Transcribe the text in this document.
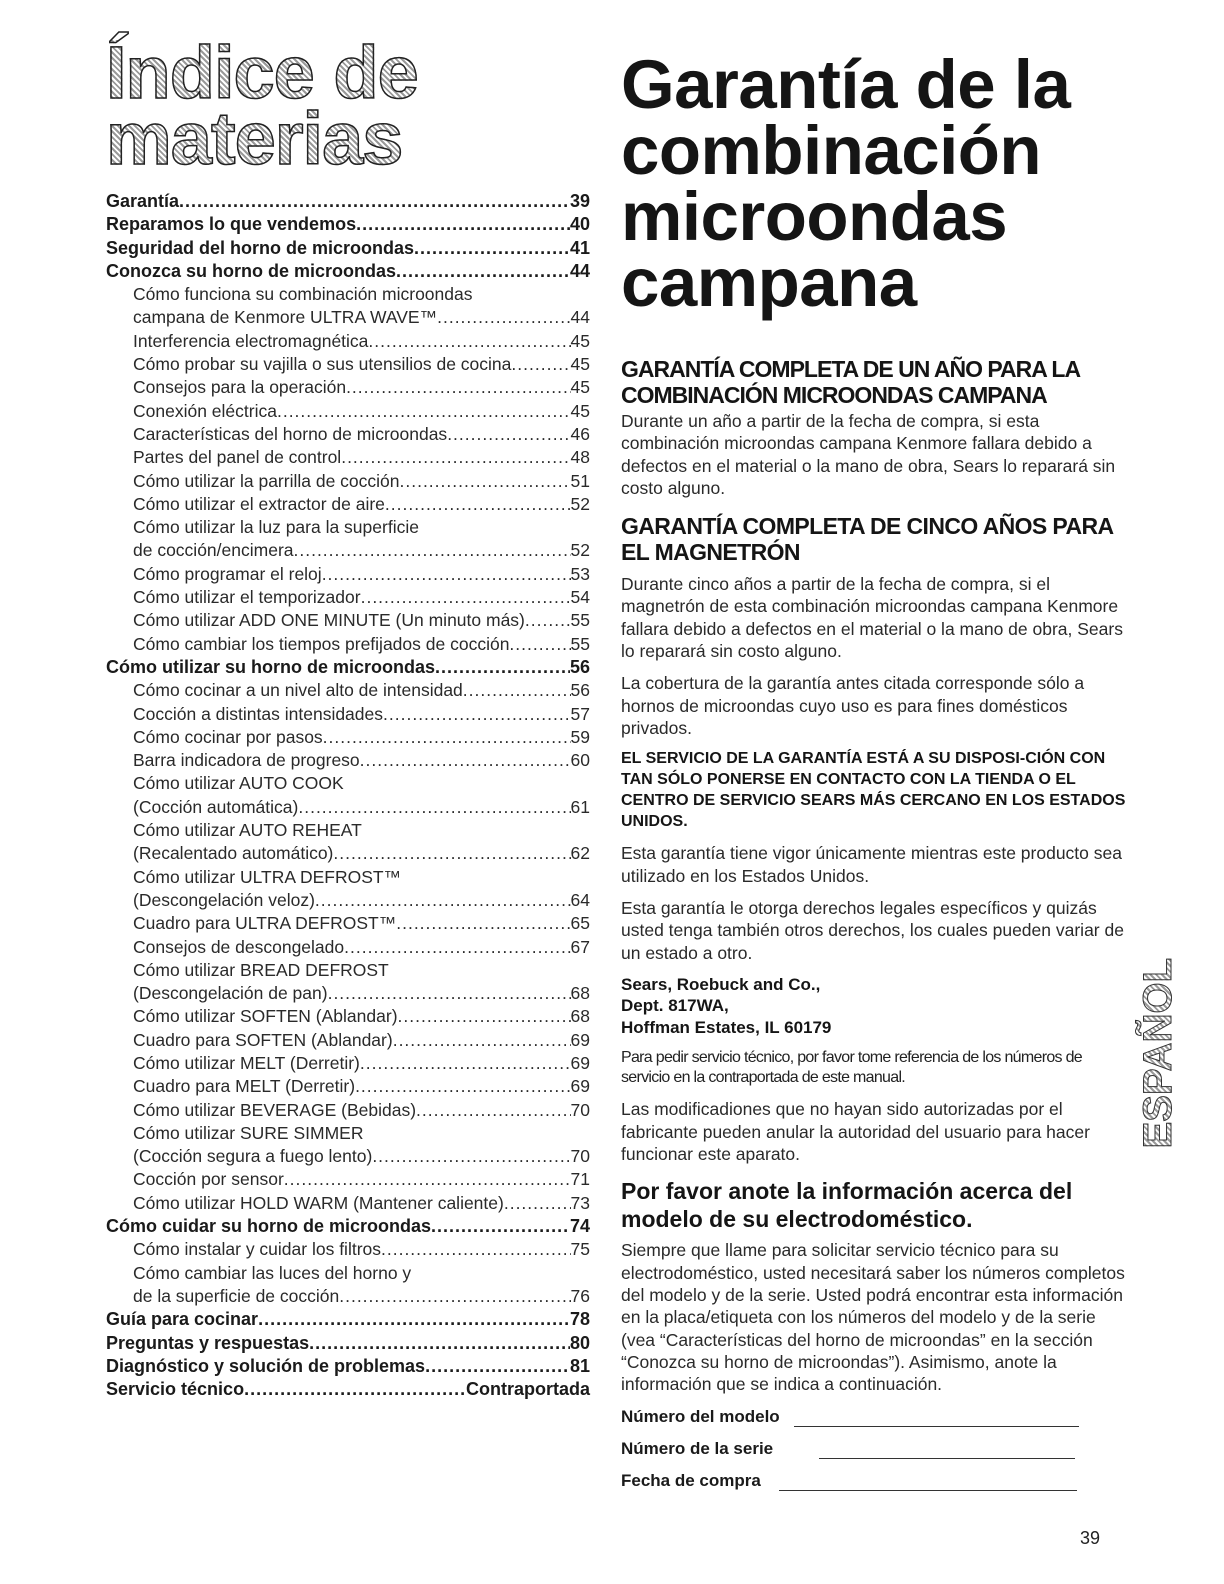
Índice de
materias
Garantía .....	39
Reparamos lo que vendemos .....	40
Seguridad del horno de microondas .....	41
Conozca su horno de microondas .....	44
Cómo funciona su combinación microondas
campana de Kenmore ULTRA WAVE™ .....	44
Interferencia electromagnética .....	45
Cómo probar su vajilla o sus utensilios de cocina .....	45
Consejos para la operación .....	45
Conexión eléctrica .....	45
Características del horno de microondas .....	46
Partes del panel de control .....	48
Cómo utilizar la parrilla de cocción .....	51
Cómo utilizar el extractor de aire .....	52
Cómo utilizar la luz para la superficie
de cocción/encimera .....	52
Cómo programar el reloj .....	53
Cómo utilizar el temporizador .....	54
Cómo utilizar ADD ONE MINUTE (Un minuto más) .....	55
Cómo cambiar los tiempos prefijados de cocción .....	55
Cómo utilizar su horno de microondas .....	56
Cómo cocinar a un nivel alto de intensidad .....	56
Cocción a distintas intensidades .....	57
Cómo cocinar por pasos .....	59
Barra indicadora de progreso .....	60
Cómo utilizar AUTO COOK
(Cocción automática) .....	61
Cómo utilizar AUTO REHEAT
(Recalentado automático) .....	62
Cómo utilizar ULTRA DEFROST™
(Descongelación veloz) .....	64
Cuadro para ULTRA DEFROST™ .....	65
Consejos de descongelado .....	67
Cómo utilizar BREAD DEFROST
(Descongelación de pan) .....	68
Cómo utilizar SOFTEN (Ablandar) .....	68
Cuadro para SOFTEN (Ablandar) .....	69
Cómo utilizar MELT (Derretir) .....	69
Cuadro para MELT (Derretir) .....	69
Cómo utilizar BEVERAGE (Bebidas) .....	70
Cómo utilizar SURE SIMMER
(Cocción segura a fuego lento) .....	70
Cocción por sensor .....	71
Cómo utilizar HOLD WARM (Mantener caliente) .....	73
Cómo cuidar su horno de microondas .....	74
Cómo instalar y cuidar los filtros .....	75
Cómo cambiar las luces del horno y
de la superficie de cocción .....	76
Guía para cocinar .....	78
Preguntas y respuestas .....	80
Diagnóstico y solución de problemas .....	81
Servicio técnico .....	Contraportada
Garantía de la
combinación
microondas
campana
GARANTÍA COMPLETA DE UN AÑO PARA LA COMBINACIÓN MICROONDAS CAMPANA

Durante un año a partir de la fecha de compra, si esta combinación microondas campana Kenmore fallara debido a defectos en el material o la mano de obra, Sears lo reparará sin costo alguno.

GARANTÍA COMPLETA DE CINCO AÑOS PARA EL MAGNETRÓN

Durante cinco años a partir de la fecha de compra, si el magnetrón de esta combinación microondas campana Kenmore fallara debido a defectos en el material o la mano de obra, Sears lo reparará sin costo alguno.

La cobertura de la garantía antes citada corresponde sólo a hornos de microondas cuyo uso es para fines domésticos privados.

EL SERVICIO DE LA GARANTÍA ESTÁ A SU DISPOSI-CIÓN CON TAN SÓLO PONERSE EN CONTACTO CON LA TIENDA O EL CENTRO DE SERVICIO SEARS MÁS CERCANO EN LOS ESTADOS UNIDOS.

Esta garantía tiene vigor únicamente mientras este producto sea utilizado en los Estados Unidos.

Esta garantía le otorga derechos legales específicos y quizás usted tenga también otros derechos, los cuales pueden variar de un estado a otro.

Sears, Roebuck and Co.,
Dept. 817WA,
Hoffman Estates, IL 60179

Para pedir servicio técnico, por favor tome referencia de los números de servicio en la contraportada de este manual.

Las modificadiones que no hayan sido autorizadas por el fabricante pueden anular la autoridad del usuario para hacer funcionar este aparato.

Por favor anote la información acerca del modelo de su electrodoméstico.

Siempre que llame para solicitar servicio técnico para su electrodoméstico, usted necesitará saber los números completos del modelo y de la serie. Usted podrá encontrar esta información en la placa/etiqueta con los números del modelo y de la serie (vea “Características del horno de microondas” en la sección “Conozca su horno de microondas”). Asimismo, anote la información que se indica a continuación.

Número del modelo
Número de la serie
Fecha de compra
ESPAÑOL
39
